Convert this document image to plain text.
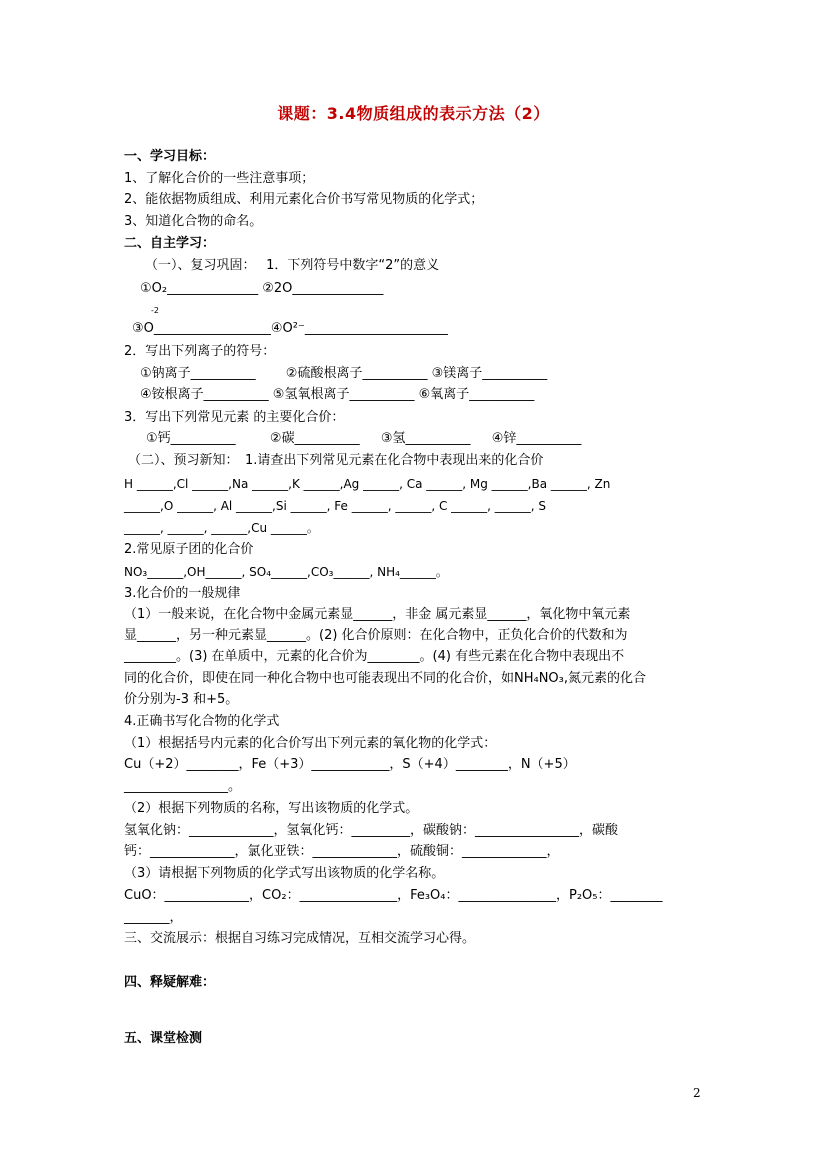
课题：3.4物质组成的表示方法（2）
一、学习目标：
1、了解化合价的一些注意事项；
2、能依据物质组成、利用元素化合价书写常见物质的化学式；
3、知道化合物的命名。
二、自主学习：
（一）、复习巩固：　 1．下列符号中数字“2”的意义
①O₂______________ ②2O______________
-2
③O__________________④O²⁻______________________
2．写出下列离子的符号：
①钠离子__________ 　　②硫酸根离子__________ ③镁离子__________
④铵根离子__________ ⑤氢氧根离子__________ ⑥氧离子__________
3．写出下列常见元素 的主要化合价：
①钙__________ 　　 ②碳__________ 　 ③氢__________ 　 ④锌__________
（二）、预习新知：　1.请查出下列常见元素在化合物中表现出来的化合价
H ______,Cl ______,Na ______,K ______,Ag ______, Ca ______, Mg ______,Ba ______, Zn
______,O ______, Al ______,Si ______, Fe ______, ______, C ______, ______, S
______, ______, ______,Cu ______。
2.常见原子团的化合价
NO₃______,OH______, SO₄______,CO₃______, NH₄______。
3.化合价的一般规律
（1）一般来说，在化合物中金属元素显______，非金 属元素显______，氧化物中氧元素
显______，另一种元素显______。(2) 化合价原则：在化合物中，正负化合价的代数和为
________。(3) 在单质中，元素的化合价为________。(4) 有些元素在化合物中表现出不
同的化合价，即使在同一种化合物中也可能表现出不同的化合价，如NH₄NO₃,氮元素的化合
价分别为-3 和+5。
4.正确书写化合物的化学式
（1）根据括号内元素的化合价写出下列元素的氧化物的化学式：
Cu（+2）________，Fe（+3）____________，S（+4）________，N（+5）
________________。
（2）根据下列物质的名称，写出该物质的化学式。
氢氧化钠：_____________，氢氧化钙：_________，碳酸钠：________________，碳酸
钙：_____________，氯化亚铁：_____________，硫酸铜：_____________，
（3）请根据下列物质的化学式写出该物质的化学名称。
CuO：_____________，CO₂：_______________，Fe₃O₄：_______________，P₂O₅：________
_______，
三、交流展示：根据自习练习完成情况，互相交流学习心得。
四、释疑解难：
五、课堂检测
2
